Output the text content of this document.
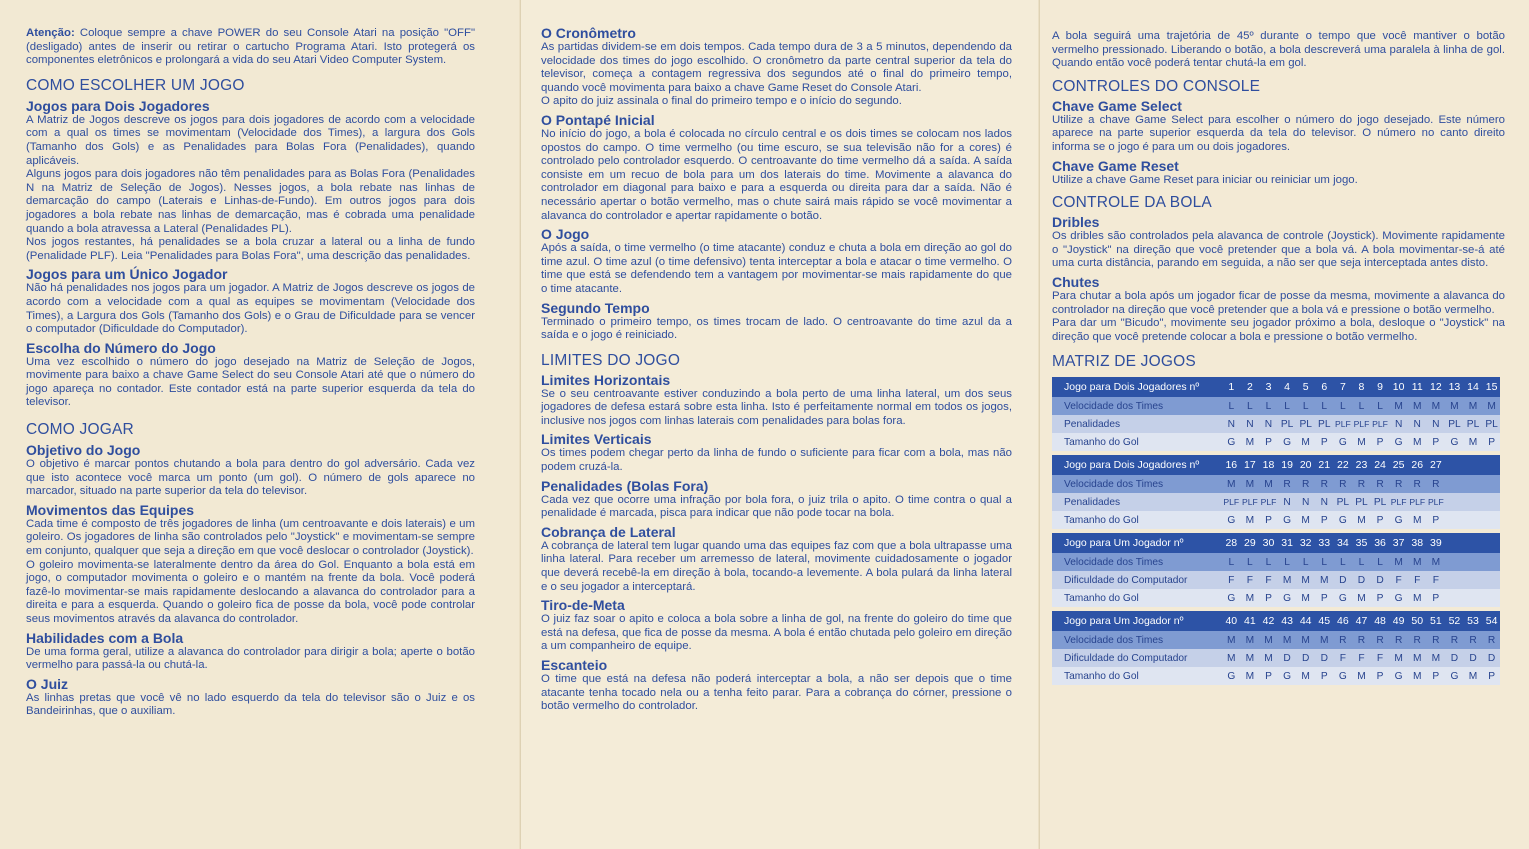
Atenção: Coloque sempre a chave POWER do seu Console Atari na posição "OFF" (desligado) antes de inserir ou retirar o cartucho Programa Atari. Isto protegerá os componentes eletrônicos e prolongará a vida do seu Atari Video Computer System.

COMO ESCOLHER UM JOGO
Jogos para Dois Jogadores

A Matriz de Jogos descreve os jogos para dois jogadores de acordo com a velocidade com a qual os times se movimentam (Velocidade dos Times), a largura dos Gols (Tamanho dos Gols) e as Penalidades para Bolas Fora (Penalidades), quando aplicáveis.

Alguns jogos para dois jogadores não têm penalidades para as Bolas Fora (Penalidades N na Matriz de Seleção de Jogos). Nesses jogos, a bola rebate nas linhas de demarcação do campo (Laterais e Linhas-de-Fundo). Em outros jogos para dois jogadores a bola rebate nas linhas de demarcação, mas é cobrada uma penalidade quando a bola atravessa a Lateral (Penalidades PL).

Nos jogos restantes, há penalidades se a bola cruzar a lateral ou a linha de fundo (Penalidade PLF). Leia "Penalidades para Bolas Fora", uma descrição das penalidades.

Jogos para um Único Jogador

Não há penalidades nos jogos para um jogador. A Matriz de Jogos descreve os jogos de acordo com a velocidade com a qual as equipes se movimentam (Velocidade dos Times), a Largura dos Gols (Tamanho dos Gols) e o Grau de Dificuldade para se vencer o computador (Dificuldade do Computador).

Escolha do Número do Jogo

Uma vez escolhido o número do jogo desejado na Matriz de Seleção de Jogos, movimente para baixo a chave Game Select do seu Console Atari até que o número do jogo apareça no contador. Este contador está na parte superior esquerda da tela do televisor.

COMO JOGAR
Objetivo do Jogo

O objetivo é marcar pontos chutando a bola para dentro do gol adversário. Cada vez que isto acontece você marca um ponto (um gol). O número de gols aparece no marcador, situado na parte superior da tela do televisor.

Movimentos das Equipes

Cada time é composto de três jogadores de linha (um centroavante e dois laterais) e um goleiro. Os jogadores de linha são controlados pelo "Joystick" e movimentam-se sempre em conjunto, qualquer que seja a direção em que você deslocar o controlador (Joystick).

O goleiro movimenta-se lateralmente dentro da área do Gol. Enquanto a bola está em jogo, o computador movimenta o goleiro e o mantém na frente da bola. Você poderá fazê-lo movimentar-se mais rapidamente deslocando a alavanca do controlador para a direita e para a esquerda. Quando o goleiro fica de posse da bola, você pode controlar seus movimentos através da alavanca do controlador.

Habilidades com a Bola

De uma forma geral, utilize a alavanca do controlador para dirigir a bola; aperte o botão vermelho para passá-la ou chutá-la.

O Juiz

As linhas pretas que você vê no lado esquerdo da tela do televisor são o Juiz e os Bandeirinhas, que o auxiliam.

O Cronômetro

As partidas dividem-se em dois tempos. Cada tempo dura de 3 a 5 minutos, dependendo da velocidade dos times do jogo escolhido. O cronômetro da parte central superior da tela do televisor, começa a contagem regressiva dos segundos até o final do primeiro tempo, quando você movimenta para baixo a chave Game Reset do Console Atari.

O apito do juiz assinala o final do primeiro tempo e o início do segundo.

O Pontapé Inicial

No início do jogo, a bola é colocada no círculo central e os dois times se colocam nos lados opostos do campo. O time vermelho (ou time escuro, se sua televisão não for a cores) é controlado pelo controlador esquerdo. O centroavante do time vermelho dá a saída. A saída consiste em um recuo de bola para um dos laterais do time. Movimente a alavanca do controlador em diagonal para baixo e para a esquerda ou direita para dar a saída. Não é necessário apertar o botão vermelho, mas o chute sairá mais rápido se você movimentar a alavanca do controlador e apertar rapidamente o botão.

O Jogo

Após a saída, o time vermelho (o time atacante) conduz e chuta a bola em direção ao gol do time azul. O time azul (o time defensivo) tenta interceptar a bola e atacar o time vermelho. O time que está se defendendo tem a vantagem por movimentar-se mais rapidamente do que o time atacante.

Segundo Tempo

Terminado o primeiro tempo, os times trocam de lado. O centroavante do time azul da a saída e o jogo é reiniciado.

LIMITES DO JOGO
Limites Horizontais

Se o seu centroavante estiver conduzindo a bola perto de uma linha lateral, um dos seus jogadores de defesa estará sobre esta linha. Isto é perfeitamente normal em todos os jogos, inclusive nos jogos com linhas laterais com penalidades para bolas fora.

Limites Verticais

Os times podem chegar perto da linha de fundo o suficiente para ficar com a bola, mas não podem cruzá-la.

Penalidades (Bolas Fora)

Cada vez que ocorre uma infração por bola fora, o juiz trila o apito. O time contra o qual a penalidade é marcada, pisca para indicar que não pode tocar na bola.

Cobrança de Lateral

A cobrança de lateral tem lugar quando uma das equipes faz com que a bola ultrapasse uma linha lateral. Para receber um arremesso de lateral, movimente cuidadosamente o jogador que deverá recebê-la em direção à bola, tocando-a levemente. A bola pulará da linha lateral e o seu jogador a interceptará.

Tiro-de-Meta

O juiz faz soar o apito e coloca a bola sobre a linha de gol, na frente do goleiro do time que está na defesa, que fica de posse da mesma. A bola é então chutada pelo goleiro em direção a um companheiro de equipe.

Escanteio

O time que está na defesa não poderá interceptar a bola, a não ser depois que o time atacante tenha tocado nela ou a tenha feito parar. Para a cobrança do córner, pressione o botão vermelho do controlador.

A bola seguirá uma trajetória de 45º durante o tempo que você mantiver o botão vermelho pressionado. Liberando o botão, a bola descreverá uma paralela à linha de gol. Quando então você poderá tentar chutá-la em gol.

CONTROLES DO CONSOLE
Chave Game Select

Utilize a chave Game Select para escolher o número do jogo desejado. Este número aparece na parte superior esquerda da tela do televisor. O número no canto direito informa se o jogo é para um ou dois jogadores.

Chave Game Reset

Utilize a chave Game Reset para iniciar ou reiniciar um jogo.

CONTROLE DA BOLA
Dribles

Os dribles são controlados pela alavanca de controle (Joystick). Movimente rapidamente o "Joystick" na direção que você pretender que a bola vá. A bola movimentar-se-á até uma curta distância, parando em seguida, a não ser que seja interceptada antes disto.

Chutes

Para chutar a bola após um jogador ficar de posse da mesma, movimente a alavanca do controlador na direção que você pretender que a bola vá e pressione o botão vermelho.

Para dar um "Bicudo", movimente seu jogador próximo a bola, desloque o "Joystick" na direção que você pretende colocar a bola e pressione o botão vermelho.

MATRIZ DE JOGOS
Jogo para Dois Jogadores nº	1	2	3	4	5	6	7	8	9 10 11 12 13 14 15
Velocidade dos Times	L	L	L	L	L	L	L	L	L	M M M M M M
Penalidades	N	N	N PL PL PL PLF PLF PLF N	N	N PL PL PL
Tamanho do Gol	G	M	P	G	M	P	G	M	P	G	M	P	G	M	P
Jogo para Dois Jogadores nº	16 17 18 19 20 21 22 23 24 25 26 27
Velocidade dos Times	M M M	R	R	R	R	R	R	R	R	R
Penalidades	PLF PLF PLF N	N	N PL PL PL PLF PLF PLF
Tamanho do Gol	G	M	P	G	M	P	G	M	P	G	M	P
Jogo para Um Jogador nº	28 29 30 31 32 33 34 35 36 37 38 39
Velocidade dos Times	L	L	L	L	L	L	L	L	L	M M M
Dificuldade do Computador	F	F	F	M M M	D	D	D	F	F	F
Tamanho do Gol	G	M	P	G	M	P	G	M	P	G	M	P
Jogo para Um Jogador nº	40 41 42 43 44 45 46 47 48 49 50 51 52 53 54
Velocidade dos Times	M M M M M M	R	R	R	R	R	R	R	R	R
Dificuldade do Computador	M M M	D	D	D	F	F	F	M M M	D	D	D
Tamanho do Gol	G	M	P	G	M	P	G	M	P	G	M	P	G	M	P
